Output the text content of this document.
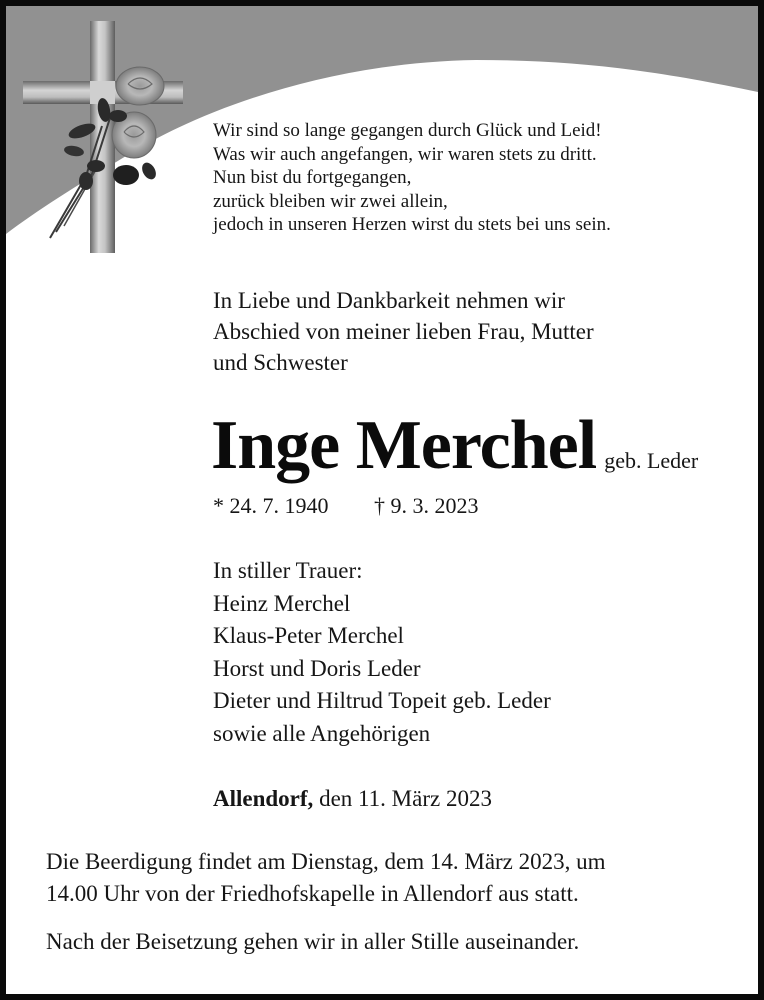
Wir sind so lange gegangen durch Glück und Leid!
Was wir auch angefangen, wir waren stets zu dritt.
Nun bist du fortgegangen,
zurück bleiben wir zwei allein,
jedoch in unseren Herzen wirst du stets bei uns sein.
In Liebe und Dankbarkeit nehmen wir
Abschied von meiner lieben Frau, Mutter
und Schwester
Inge Merchel geb. Leder
* 24. 7. 1940 † 9. 3. 2023
In stiller Trauer:
Heinz Merchel
Klaus-Peter Merchel
Horst und Doris Leder
Dieter und Hiltrud Topeit geb. Leder
sowie alle Angehörigen
Allendorf, den 11. März 2023
Die Beerdigung findet am Dienstag, dem 14. März 2023, um
14.00 Uhr von der Friedhofskapelle in Allendorf aus statt.
Nach der Beisetzung gehen wir in aller Stille auseinander.
